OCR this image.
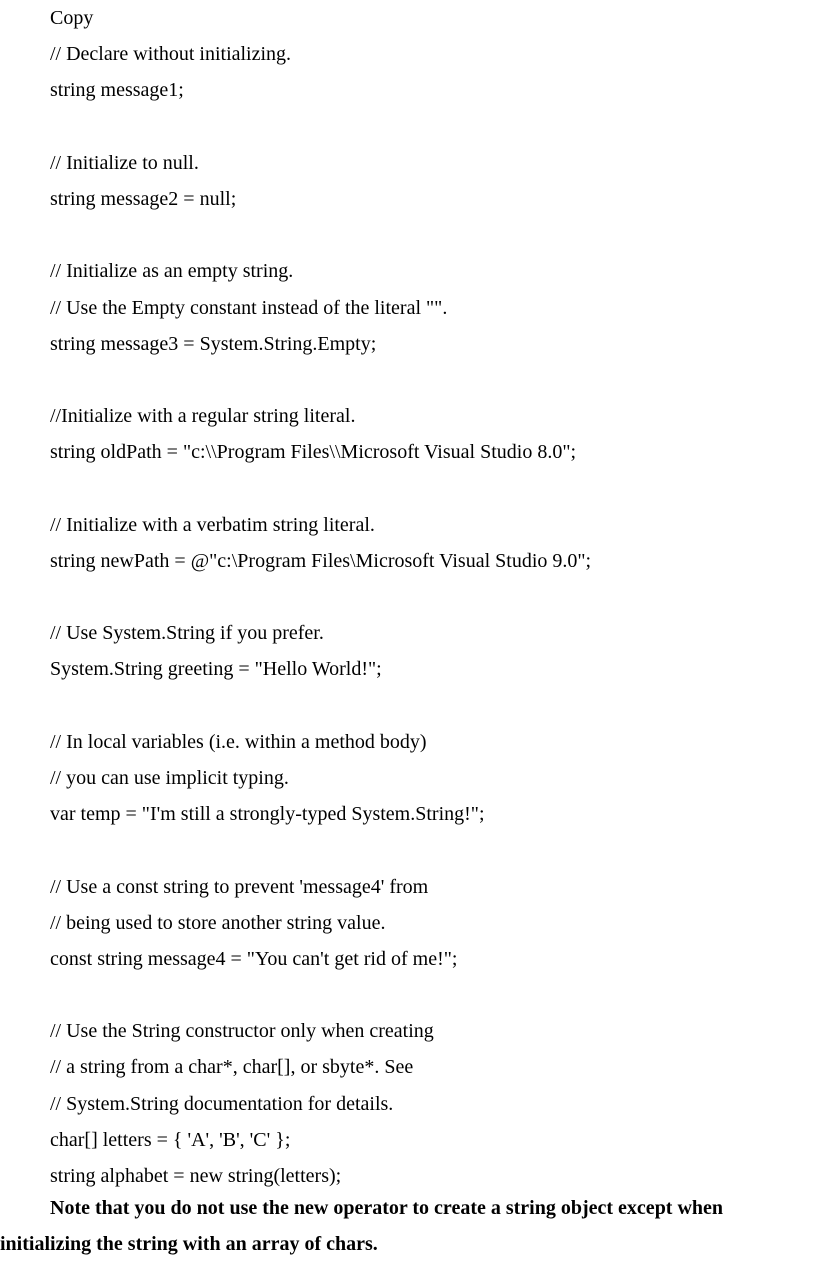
Copy
// Declare without initializing.
string message1;
// Initialize to null.
string message2 = null;
// Initialize as an empty string.
// Use the Empty constant instead of the literal "".
string message3 = System.String.Empty;
//Initialize with a regular string literal.
string oldPath = "c:\\Program Files\\Microsoft Visual Studio 8.0";
// Initialize with a verbatim string literal.
string newPath = @"c:\Program Files\Microsoft Visual Studio 9.0";
// Use System.String if you prefer.
System.String greeting = "Hello World!";
// In local variables (i.e. within a method body)
// you can use implicit typing.
var temp = "I'm still a strongly-typed System.String!";
// Use a const string to prevent 'message4' from
// being used to store another string value.
const string message4 = "You can't get rid of me!";
// Use the String constructor only when creating
// a string from a char*, char[], or sbyte*. See
// System.String documentation for details.
char[] letters = { 'A', 'B', 'C' };
string alphabet = new string(letters);
Note that you do not use the new operator to create a string object except when initializing the string with an array of chars.
